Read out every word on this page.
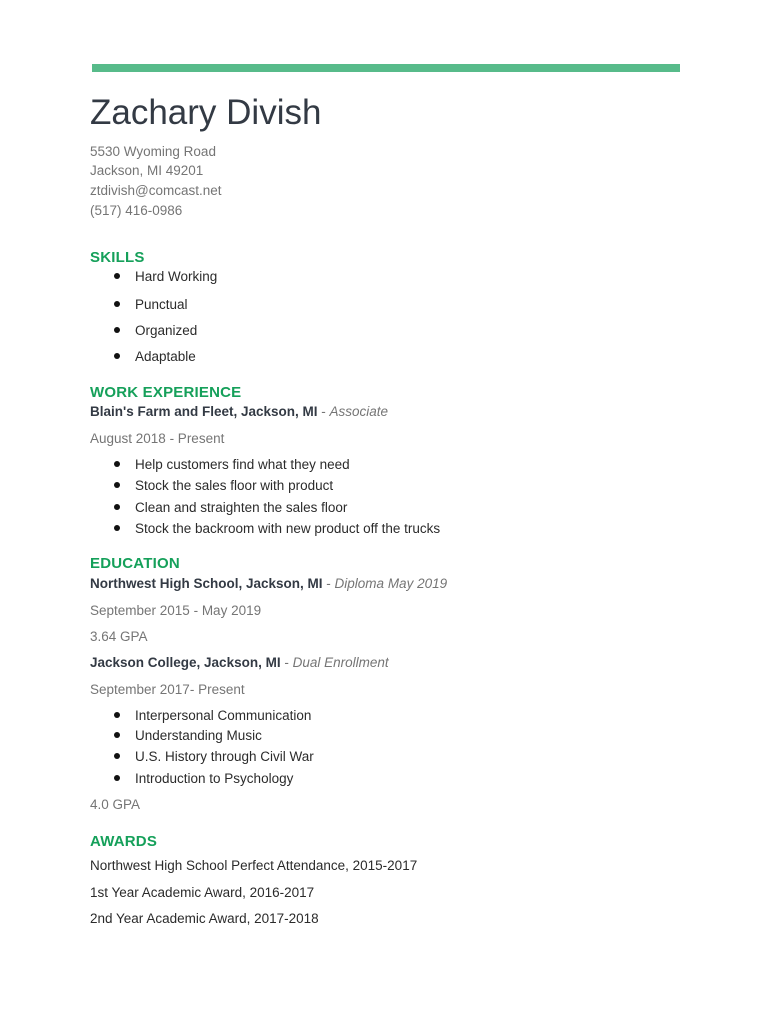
Zachary Divish
5530 Wyoming Road
Jackson, MI 49201
ztdivish@comcast.net
(517) 416-0986
SKILLS
Hard Working
Punctual
Organized
Adaptable
WORK EXPERIENCE
Blain's Farm and Fleet, Jackson, MI - Associate
August 2018 - Present
Help customers find what they need
Stock the sales floor with product
Clean and straighten the sales floor
Stock the backroom with new product off the trucks
EDUCATION
Northwest High School, Jackson, MI - Diploma May 2019
September 2015 - May 2019
3.64 GPA
Jackson College, Jackson, MI - Dual Enrollment
September 2017- Present
Interpersonal Communication
Understanding Music
U.S. History through Civil War
Introduction to Psychology
4.0 GPA
AWARDS
Northwest High School Perfect Attendance, 2015-2017
1st Year Academic Award, 2016-2017
2nd Year Academic Award, 2017-2018
